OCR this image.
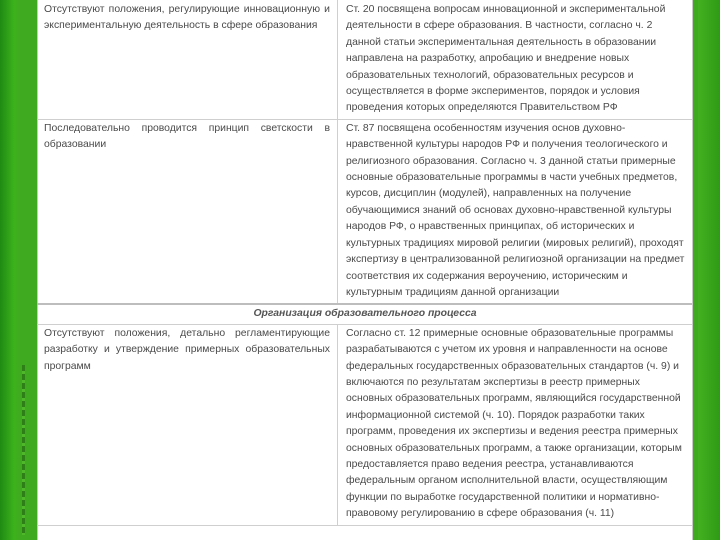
Отсутствуют положения, регулирующие инновационную и экспериментальную деятельность в сфере образования	Ст. 20 посвящена вопросам инновационной и экспериментальной деятельности в сфере образования. В частности, согласно ч. 2 данной статьи экспериментальная деятельность в образовании направлена на разработку, апробацию и внедрение новых образовательных технологий, образовательных ресурсов и осуществляется в форме экспериментов, порядок и условия проведения которых определяются Правительством РФ
Последовательно проводится принцип светскости в образовании	Ст. 87 посвящена особенностям изучения основ духовно-нравственной культуры народов РФ и получения теологического и религиозного образования. Согласно ч. 3 данной статьи примерные основные образовательные программы в части учебных предметов, курсов, дисциплин (модулей), направленных на получение обучающимися знаний об основах духовно-нравственной культуры народов РФ, о нравственных принципах, об исторических и культурных традициях мировой религии (мировых религий), проходят экспертизу в централизованной религиозной организации на предмет соответствия их содержания вероучению, историческим и культурным традициям данной организации
Организация образовательного процесса	
Отсутствуют положения, детально регламентирующие разработку и утверждение примерных образовательных программ	Согласно ст. 12 примерные основные образовательные программы разрабатываются с учетом их уровня и направленности на основе федеральных государственных образовательных стандартов (ч. 9) и включаются по результатам экспертизы в реестр примерных основных образовательных программ, являющийся государственной информационной системой (ч. 10). Порядок разработки таких программ, проведения их экспертизы и ведения реестра примерных основных образовательных программ, а также организации, которым предоставляется право ведения реестра, устанавливаются федеральным органом исполнительной власти, осуществляющим функции по выработке государственной политики и нормативно-правовому регулированию в сфере образования (ч. 11)
